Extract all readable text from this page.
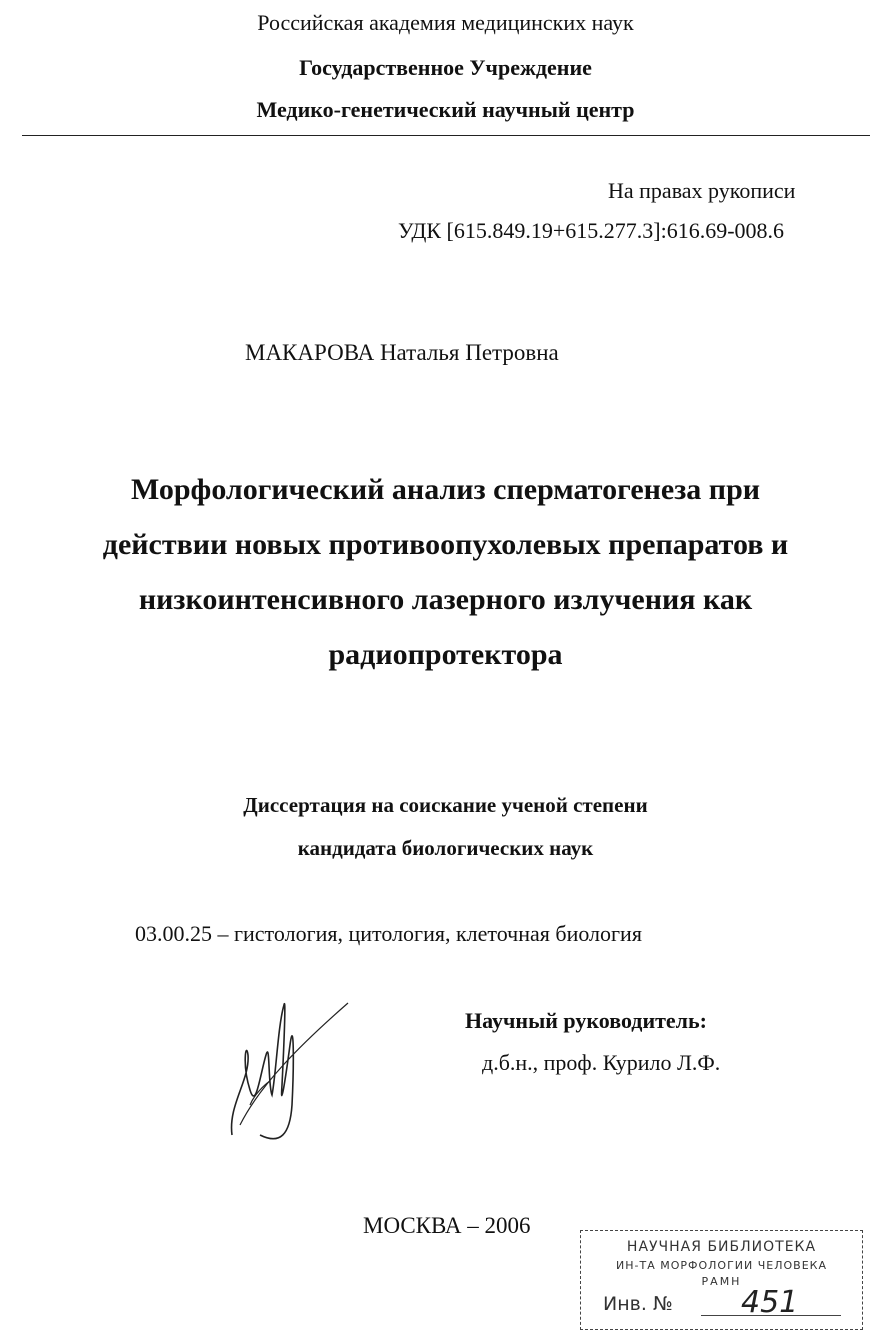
Российская академия медицинских наук
Государственное Учреждение
Медико-генетический научный центр
На правах рукописи
УДК [615.849.19+615.277.3]:616.69-008.6
МАКАРОВА Наталья Петровна
Морфологический анализ сперматогенеза при
действии новых противоопухолевых препаратов и
низкоинтенсивного лазерного излучения как
радиопротектора
Диссертация на соискание ученой степени
кандидата биологических наук
03.00.25 – гистология, цитология, клеточная биология
Научный руководитель:
д.б.н., проф. Курило Л.Ф.
МОСКВА – 2006
НАУЧНАЯ БИБЛИОТЕКА
ИН-ТА МОРФОЛОГИИ ЧЕЛОВЕКА
РАМН
Инв. № 451
